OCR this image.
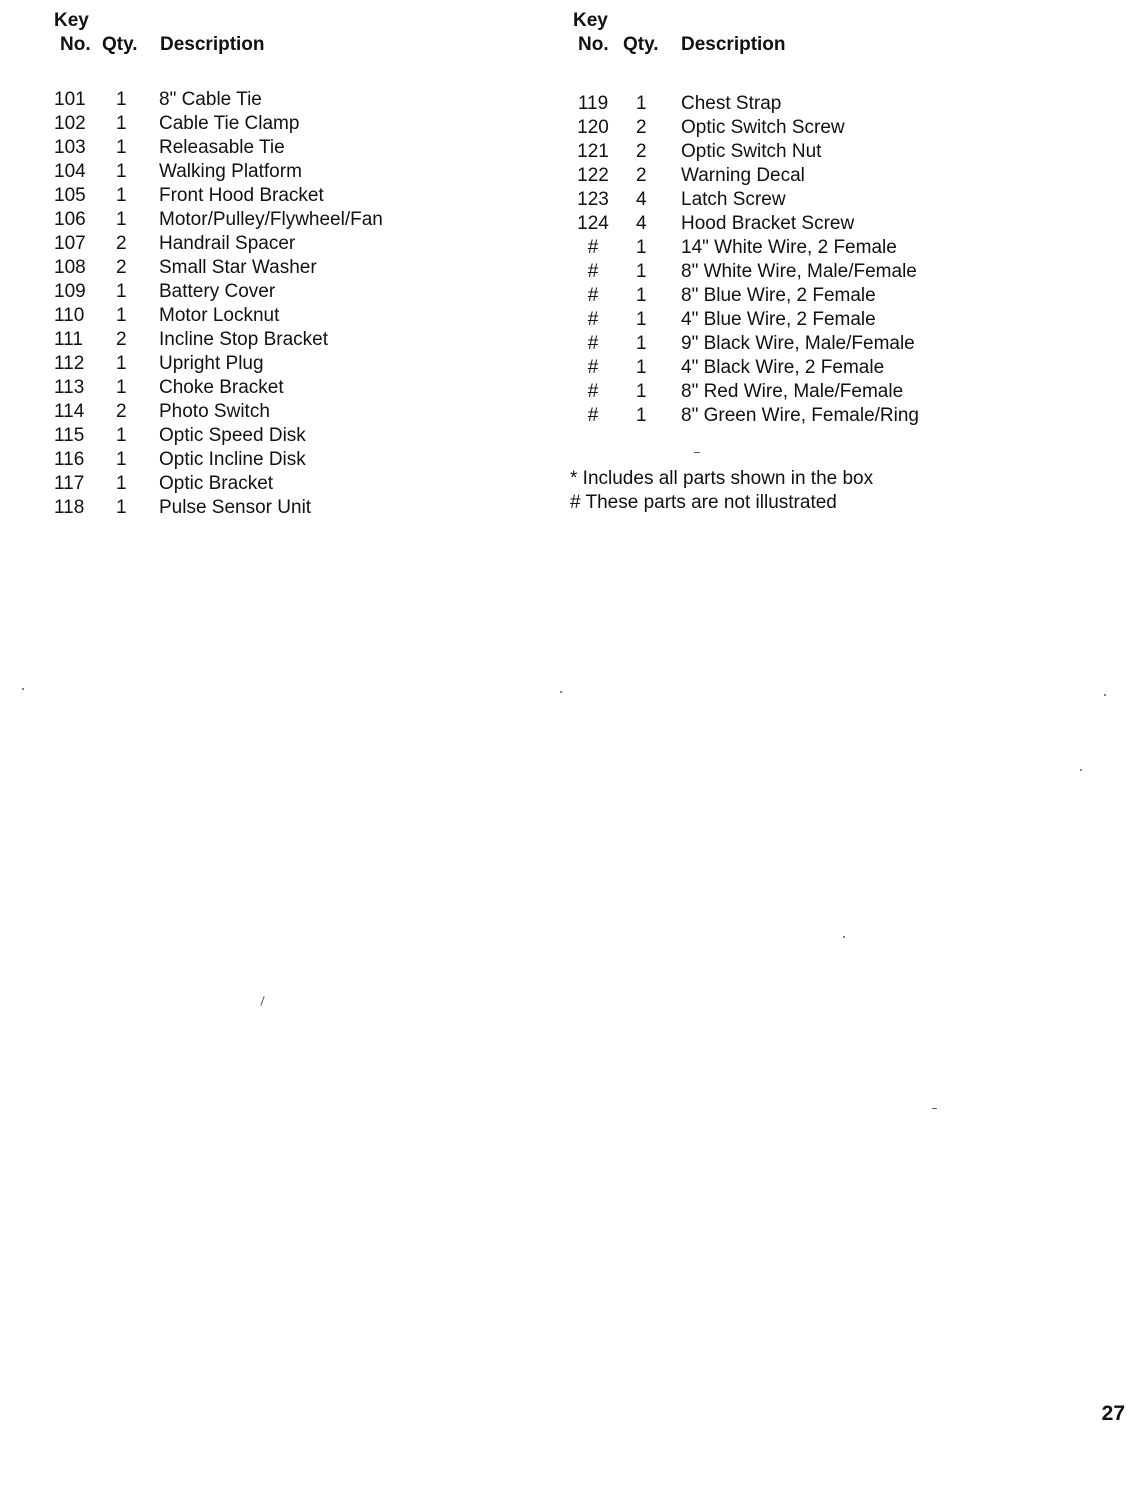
Key
No. Qty. Description
101 1 8" Cable Tie
102 1 Cable Tie Clamp
103 1 Releasable Tie
104 1 Walking Platform
105 1 Front Hood Bracket
106 1 Motor/Pulley/Flywheel/Fan
107 2 Handrail Spacer
108 2 Small Star Washer
109 1 Battery Cover
110 1 Motor Locknut
111 2 Incline Stop Bracket
112 1 Upright Plug
113 1 Choke Bracket
114 2 Photo Switch
115 1 Optic Speed Disk
116 1 Optic Incline Disk
117 1 Optic Bracket
118 1 Pulse Sensor Unit
Key
No. Qty. Description
119 1 Chest Strap
120 2 Optic Switch Screw
121 2 Optic Switch Nut
122 2 Warning Decal
123 4 Latch Screw
124 4 Hood Bracket Screw
#	1 14" White Wire, 2 Female
#	1 8" White Wire, Male/Female
#	1 8" Blue Wire, 2 Female
#	1 4" Blue Wire, 2 Female
#	1 9" Black Wire, Male/Female
#	1 4" Black Wire, 2 Female
#	1 8" Red Wire, Male/Female
#	1 8" Green Wire, Female/Ring
* Includes all parts shown in the box
# These parts are not illustrated
27
